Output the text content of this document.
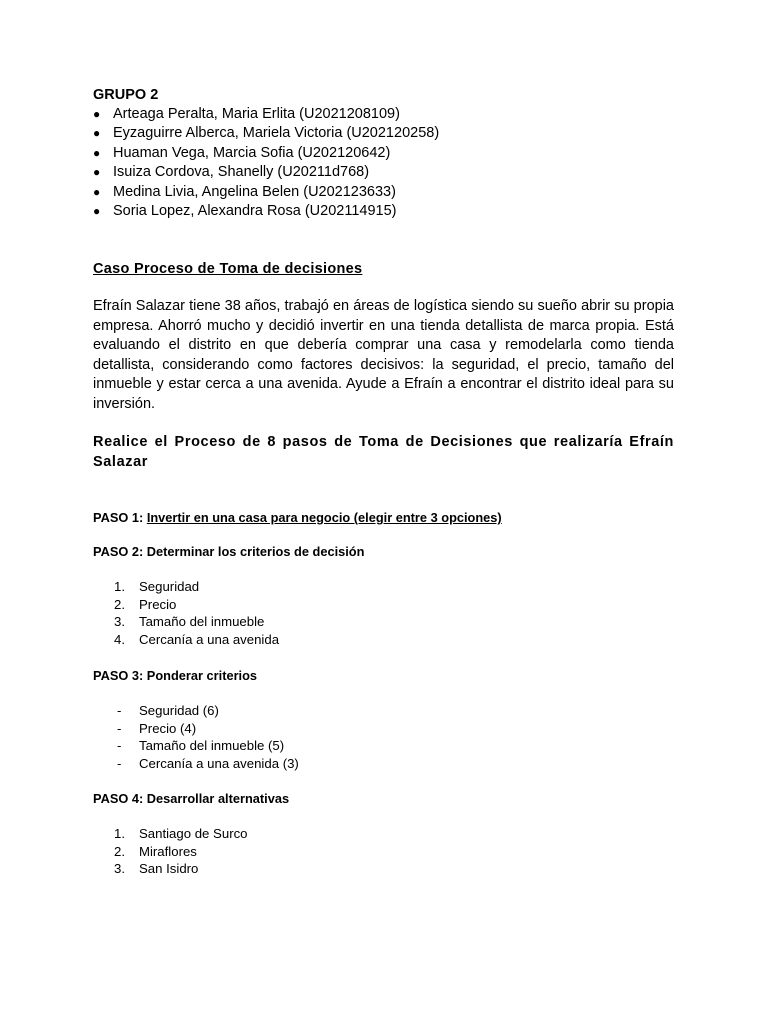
GRUPO 2
● Arteaga Peralta, Maria Erlita (U2021208109)
● Eyzaguirre Alberca, Mariela Victoria (U202120258)
● Huaman Vega, Marcia Sofia (U202120642)
● Isuiza Cordova, Shanelly (U20211d768)
● Medina Livia, Angelina Belen (U202123633)
● Soria Lopez, Alexandra Rosa (U202114915)
Caso Proceso de Toma de decisiones

Efraín Salazar tiene 38 años, trabajó en áreas de logística siendo su sueño abrir su propia empresa. Ahorró mucho y decidió invertir en una tienda detallista de marca propia. Está evaluando el distrito en que debería comprar una casa y remodelarla como tienda detallista, considerando como factores decisivos: la seguridad, el precio, tamaño del inmueble y estar cerca a una avenida. Ayude a Efraín a encontrar el distrito ideal para su inversión.

Realice el Proceso de 8 pasos de Toma de Decisiones que realizaría Efraín Salazar

PASO 1: Invertir en una casa para negocio (elegir entre 3 opciones)
PASO 2: Determinar los criterios de decisión
1. Seguridad
2. Precio
3. Tamaño del inmueble
4. Cercanía a una avenida
PASO 3: Ponderar criterios
- Seguridad (6)
- Precio (4)
- Tamaño del inmueble (5)
- Cercanía a una avenida (3)
PASO 4: Desarrollar alternativas
1. Santiago de Surco
2. Miraflores
3. San Isidro
